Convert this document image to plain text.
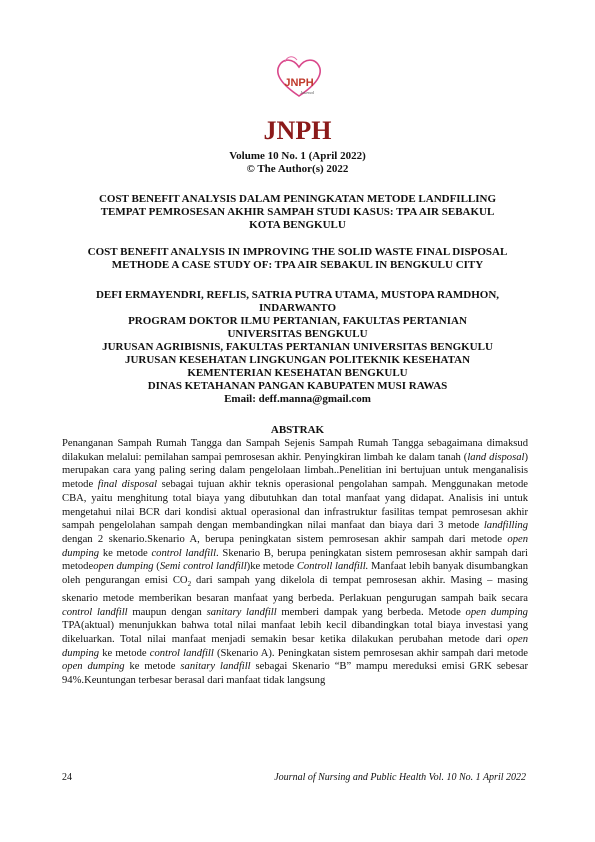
JNPH
Journal
JNPH
Volume 10 No. 1 (April 2022)
© The Author(s) 2022
COST BENEFIT ANALYSIS DALAM PENINGKATAN METODE LANDFILLING
TEMPAT PEMROSESAN AKHIR SAMPAH STUDI KASUS: TPA AIR SEBAKUL
KOTA BENGKULU
COST BENEFIT ANALYSIS IN IMPROVING THE SOLID WASTE FINAL DISPOSAL
METHODE A CASE STUDY OF: TPA AIR SEBAKUL IN BENGKULU CITY
DEFI ERMAYENDRI, REFLIS, SATRIA PUTRA UTAMA, MUSTOPA RAMDHON,
INDARWANTO
PROGRAM DOKTOR ILMU PERTANIAN, FAKULTAS PERTANIAN
UNIVERSITAS BENGKULU
JURUSAN AGRIBISNIS, FAKULTAS PERTANIAN UNIVERSITAS BENGKULU
JURUSAN KESEHATAN LINGKUNGAN POLITEKNIK KESEHATAN
KEMENTERIAN KESEHATAN BENGKULU
DINAS KETAHANAN PANGAN KABUPATEN MUSI RAWAS
Email: deff.manna@gmail.com
ABSTRAK
Penanganan Sampah Rumah Tangga dan Sampah Sejenis Sampah Rumah Tangga sebagaimana dimaksud dilakukan melalui: pemilahan sampai pemrosesan akhir. Penyingkiran limbah ke dalam tanah (land disposal) merupakan cara yang paling sering dalam pengelolaan limbah..Penelitian ini bertujuan untuk menganalisis metode final disposal sebagai tujuan akhir teknis operasional pengolahan sampah. Menggunakan metode CBA, yaitu menghitung total biaya yang dibutuhkan dan total manfaat yang didapat. Analisis ini untuk mengetahui nilai BCR dari kondisi aktual operasional dan infrastruktur fasilitas tempat pemrosesan akhir sampah pengelolahan sampah dengan membandingkan nilai manfaat dan biaya dari 3 metode landfilling dengan 2 skenario.Skenario A, berupa peningkatan sistem pemrosesan akhir sampah dari metode open dumping ke metode control landfill. Skenario B, berupa peningkatan sistem pemrosesan akhir sampah dari metodeopen dumping (Semi control landfill)ke metode Controll landfill. Manfaat lebih banyak disumbangkan oleh pengurangan emisi $CO_2$ dari sampah yang dikelola di tempat pemrosesan akhir. Masing – masing skenario metode memberikan besaran manfaat yang berbeda. Perlakuan pengurugan sampah baik secara control landfill maupun dengan sanitary landfill memberi dampak yang berbeda. Metode open dumping TPA(aktual) menunjukkan bahwa total nilai manfaat lebih kecil dibandingkan total biaya investasi yang dikeluarkan. Total nilai manfaat menjadi semakin besar ketika dilakukan perubahan metode dari open dumping ke metode control landfill (Skenario A). Peningkatan sistem pemrosesan akhir sampah dari metode open dumping ke metode sanitary landfill sebagai Skenario “B” mampu mereduksi emisi GRK sebesar 94%.Keuntungan terbesar berasal dari manfaat tidak langsung
24	Journal of Nursing and Public Health Vol. 10 No. 1 April 2022
